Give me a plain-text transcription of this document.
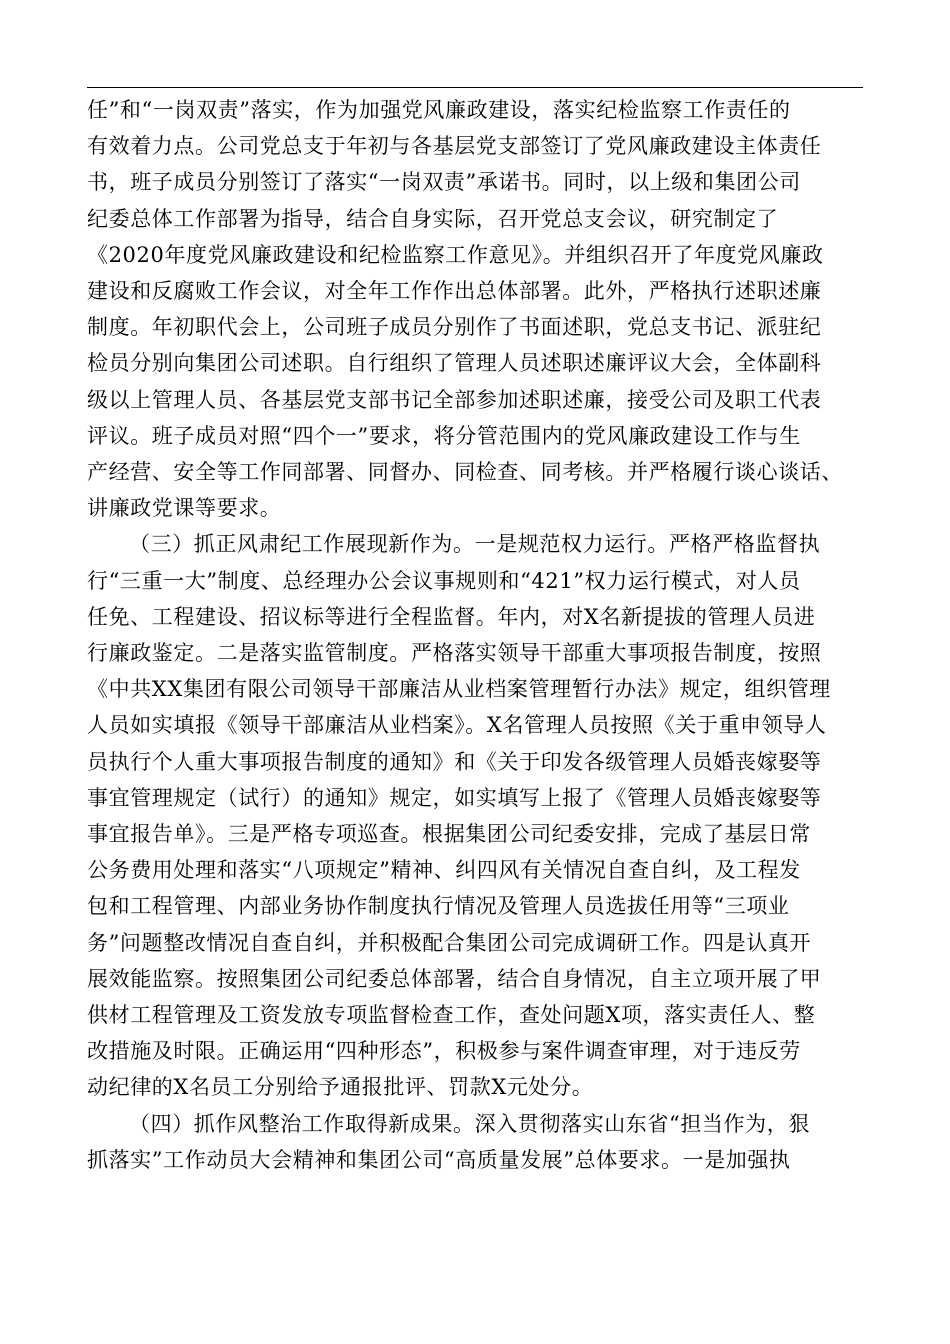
任”和“一岗双责”落实，作为加强党风廉政建设，落实纪检监察工作责任的
有效着力点。公司党总支于年初与各基层党支部签订了党风廉政建设主体责任
书，班子成员分别签订了落实“一岗双责”承诺书。同时，以上级和集团公司
纪委总体工作部署为指导，结合自身实际，召开党总支会议，研究制定了
《2020年度党风廉政建设和纪检监察工作意见》。并组织召开了年度党风廉政
建设和反腐败工作会议，对全年工作作出总体部署。此外，严格执行述职述廉
制度。年初职代会上，公司班子成员分别作了书面述职，党总支书记、派驻纪
检员分别向集团公司述职。自行组织了管理人员述职述廉评议大会，全体副科
级以上管理人员、各基层党支部书记全部参加述职述廉，接受公司及职工代表
评议。班子成员对照“四个一”要求，将分管范围内的党风廉政建设工作与生
产经营、安全等工作同部署、同督办、同检查、同考核。并严格履行谈心谈话、
讲廉政党课等要求。
（三）抓正风肃纪工作展现新作为。一是规范权力运行。严格严格监督执
行“三重一大”制度、总经理办公会议事规则和“421”权力运行模式，对人员
任免、工程建设、招议标等进行全程监督。年内，对X名新提拔的管理人员进
行廉政鉴定。二是落实监管制度。严格落实领导干部重大事项报告制度，按照
《中共XX集团有限公司领导干部廉洁从业档案管理暂行办法》规定，组织管理
人员如实填报《领导干部廉洁从业档案》。X名管理人员按照《关于重申领导人
员执行个人重大事项报告制度的通知》和《关于印发各级管理人员婚丧嫁娶等
事宜管理规定（试行）的通知》规定，如实填写上报了《管理人员婚丧嫁娶等
事宜报告单》。三是严格专项巡查。根据集团公司纪委安排，完成了基层日常
公务费用处理和落实“八项规定”精神、纠四风有关情况自查自纠，及工程发
包和工程管理、内部业务协作制度执行情况及管理人员选拔任用等“三项业
务”问题整改情况自查自纠，并积极配合集团公司完成调研工作。四是认真开
展效能监察。按照集团公司纪委总体部署，结合自身情况，自主立项开展了甲
供材工程管理及工资发放专项监督检查工作，查处问题X项，落实责任人、整
改措施及时限。正确运用“四种形态”，积极参与案件调查审理，对于违反劳
动纪律的X名员工分别给予通报批评、罚款X元处分。
（四）抓作风整治工作取得新成果。深入贯彻落实山东省“担当作为，狠
抓落实”工作动员大会精神和集团公司“高质量发展”总体要求。一是加强执
